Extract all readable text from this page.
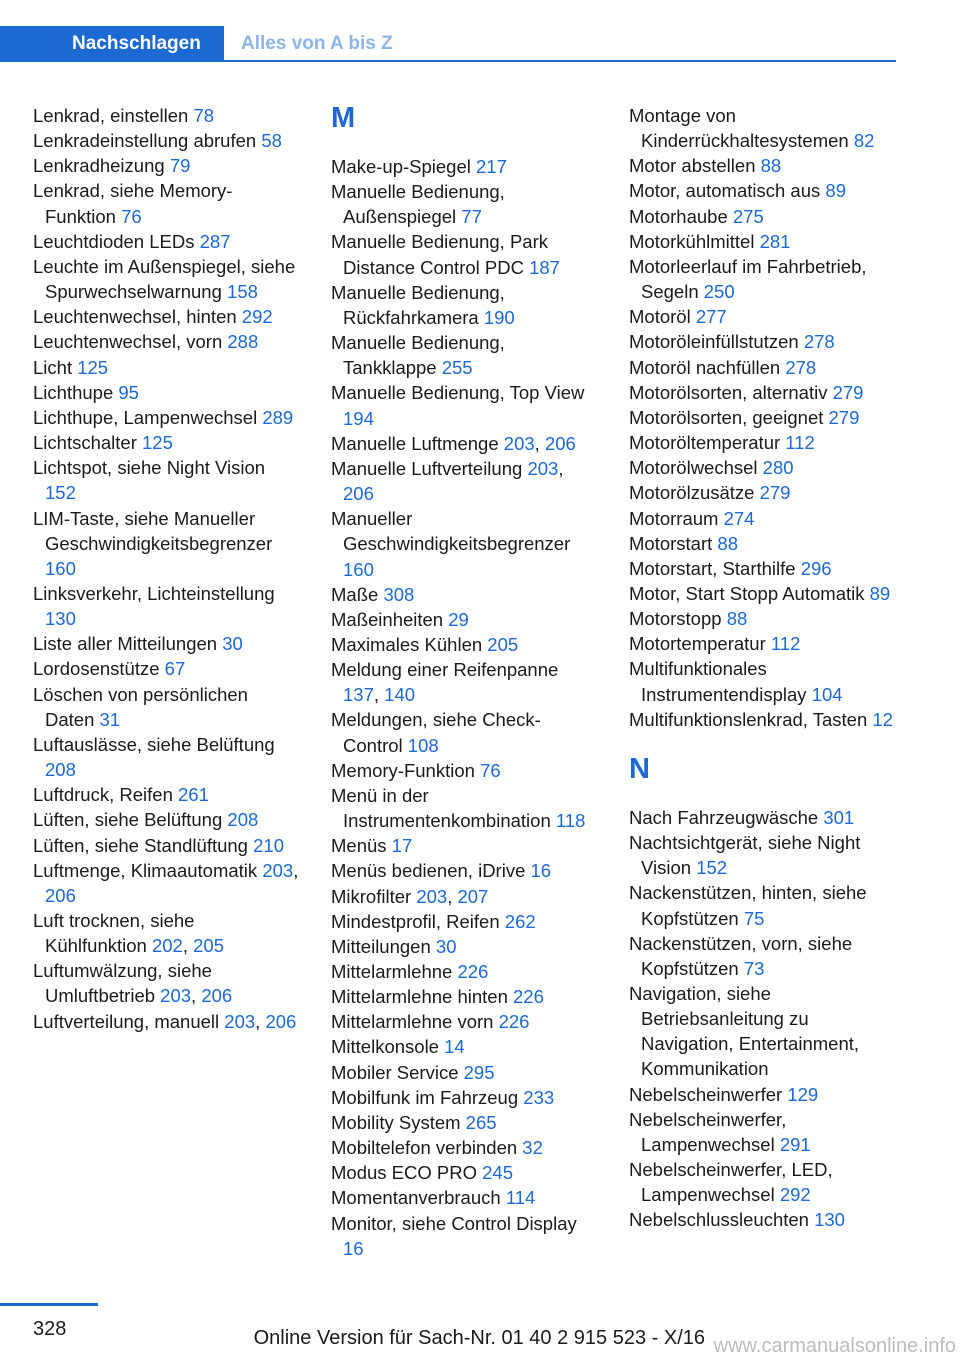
Nachschlagen	Alles von A bis Z
Lenkrad, einstellen 78
Lenkradeinstellung abrufen 58
Lenkradheizung 79
Lenkrad, siehe Memory-Funktion 76
Leuchtdioden LEDs 287
Leuchte im Außenspiegel, siehe Spurwechselwarnung 158
Leuchtenwechsel, hinten 292
Leuchtenwechsel, vorn 288
Licht 125
Lichthupe 95
Lichthupe, Lampenwechsel 289
Lichtschalter 125
Lichtspot, siehe Night Vision 152
LIM-Taste, siehe Manueller Geschwindigkeitsbegrenzer 160
Linksverkehr, Lichteinstellung 130
Liste aller Mitteilungen 30
Lordosenstütze 67
Löschen von persönlichen Daten 31
Luftauslässe, siehe Belüftung 208
Luftdruck, Reifen 261
Lüften, siehe Belüftung 208
Lüften, siehe Standlüftung 210
Luftmenge, Klimaautomatik 203, 206
Luft trocknen, siehe Kühlfunktion 202, 205
Luftumwälzung, siehe Umluftbetrieb 203, 206
Luftverteilung, manuell 203, 206
M
Make-up-Spiegel 217
Manuelle Bedienung, Außenspiegel 77
Manuelle Bedienung, Park Distance Control PDC 187
Manuelle Bedienung, Rückfahrkamera 190
Manuelle Bedienung, Tankklappe 255
Manuelle Bedienung, Top View 194
Manuelle Luftmenge 203, 206
Manuelle Luftverteilung 203, 206
Manueller Geschwindigkeitsbegrenzer 160
Maße 308
Maßeinheiten 29
Maximales Kühlen 205
Meldung einer Reifenpanne 137, 140
Meldungen, siehe Check-Control 108
Memory-Funktion 76
Menü in der Instrumentenkombination 118
Menüs 17
Menüs bedienen, iDrive 16
Mikrofilter 203, 207
Mindestprofil, Reifen 262
Mitteilungen 30
Mittelarmlehne 226
Mittelarmlehne hinten 226
Mittelarmlehne vorn 226
Mittelkonsole 14
Mobiler Service 295
Mobilfunk im Fahrzeug 233
Mobility System 265
Mobiltelefon verbinden 32
Modus ECO PRO 245
Momentanverbrauch 114
Monitor, siehe Control Display 16
Montage von Kinderrückhaltesystemen 82
Motor abstellen 88
Motor, automatisch aus 89
Motorhaube 275
Motorkühlmittel 281
Motorleerlauf im Fahrbetrieb, Segeln 250
Motoröl 277
Motoröleinfüllstutzen 278
Motoröl nachfüllen 278
Motorölsorten, alternativ 279
Motorölsorten, geeignet 279
Motoröltemperatur 112
Motorölwechsel 280
Motorölzusätze 279
Motorraum 274
Motorstart 88
Motorstart, Starthilfe 296
Motor, Start Stopp Automatik 89
Motorstopp 88
Motortemperatur 112
Multifunktionales Instrumentendisplay 104
Multifunktionslenkrad, Tasten 12
N
Nach Fahrzeugwäsche 301
Nachtsichtgerät, siehe Night Vision 152
Nackenstützen, hinten, siehe Kopfstützen 75
Nackenstützen, vorn, siehe Kopfstützen 73
Navigation, siehe Betriebsanleitung zu Navigation, Entertainment, Kommunikation
Nebelscheinwerfer 129
Nebelscheinwerfer, Lampenwechsel 291
Nebelscheinwerfer, LED, Lampenwechsel 292
Nebelschlussleuchten 130
328	Online Version für Sach-Nr. 01 40 2 915 523 - X/16 www.carmanualsonline.info
